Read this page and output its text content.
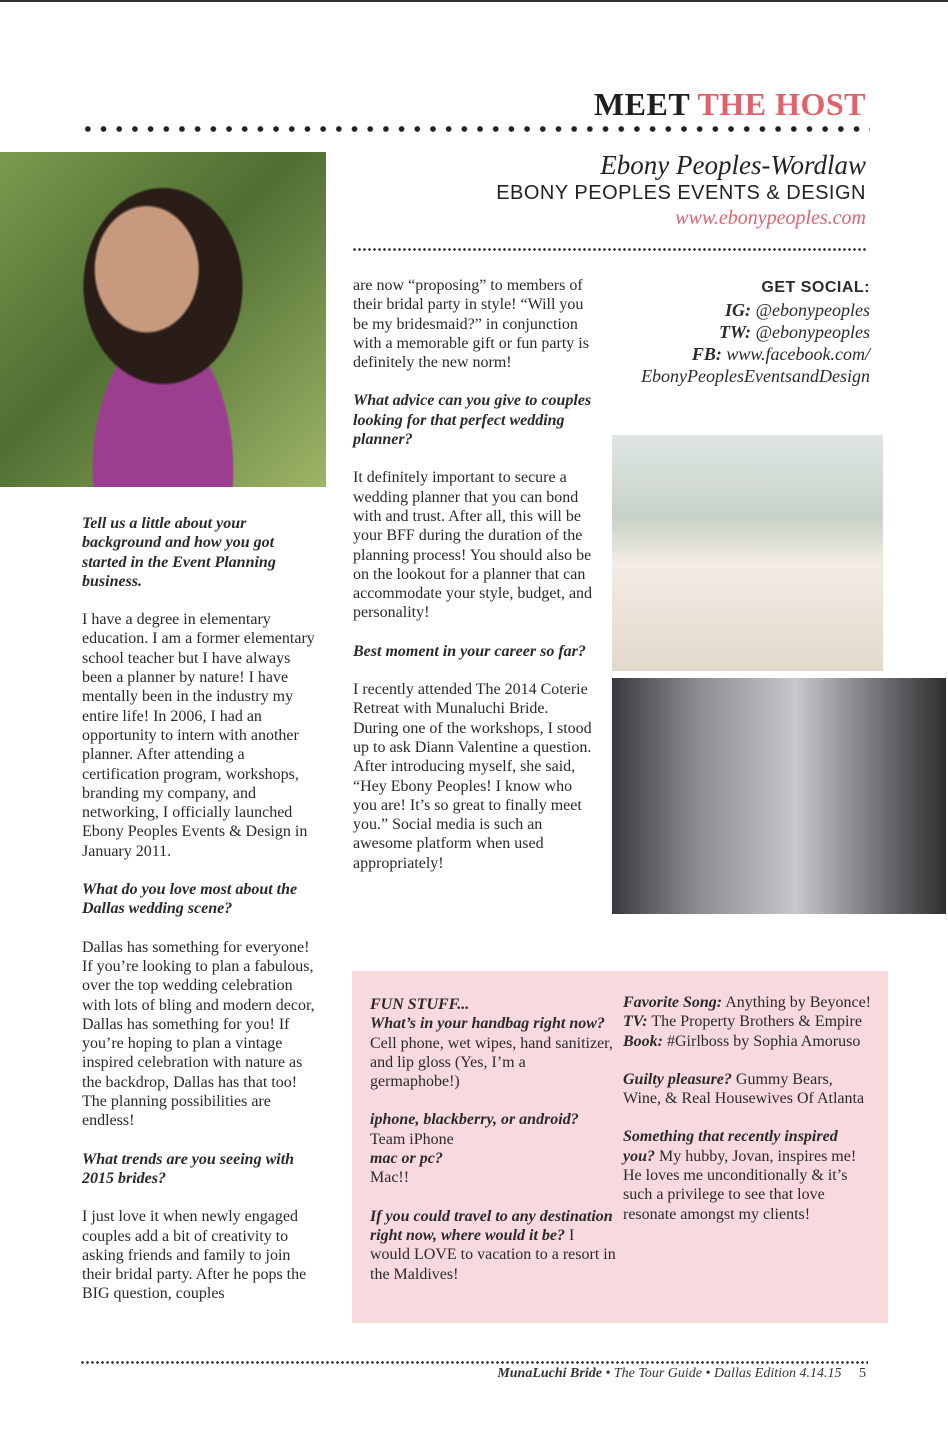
MEET THE HOST
Ebony Peoples-Wordlaw
EBONY PEOPLES EVENTS & DESIGN
www.ebonypeoples.com
GET SOCIAL:
IG: @ebonypeoples
TW: @ebonypeoples
FB: www.facebook.com/
EbonyPeoplesEventsandDesign

Tell us a little about your background and how you got started in the Event Planning business.

I have a degree in elementary education. I am a former elementary school teacher but I have always been a planner by nature! I have mentally been in the industry my entire life! In 2006, I had an opportunity to intern with another planner. After attending a certification program, workshops, branding my company, and networking, I officially launched Ebony Peoples Events & Design in January 2011.

What do you love most about the Dallas wedding scene?

Dallas has something for everyone! If you’re looking to plan a fabulous, over the top wedding celebration with lots of bling and modern decor, Dallas has something for you! If you’re hoping to plan a vintage inspired celebration with nature as the backdrop, Dallas has that too! The planning possibilities are endless!

What trends are you seeing with 2015 brides?

I just love it when newly engaged couples add a bit of creativity to asking friends and family to join their bridal party. After he pops the BIG question, couples

are now “proposing” to members of their bridal party in style! “Will you be my bridesmaid?” in conjunction with a memorable gift or fun party is definitely the new norm!

What advice can you give to couples looking for that perfect wedding planner?

It definitely important to secure a wedding planner that you can bond with and trust. After all, this will be your BFF during the duration of the planning process! You should also be on the lookout for a planner that can accommodate your style, budget, and personality!

Best moment in your career so far?

I recently attended The 2014 Coterie Retreat with Munaluchi Bride. During one of the workshops, I stood up to ask Diann Valentine a question. After introducing myself, she said, “Hey Ebony Peoples! I know who you are! It’s so great to finally meet you.” Social media is such an awesome platform when used appropriately!

FUN STUFF...
What’s in your handbag right now? Cell phone, wet wipes, hand sanitizer, and lip gloss (Yes, I’m a germaphobe!)

iphone, blackberry, or android?
Team iPhone
mac or pc?
Mac!!

If you could travel to any destination right now, where would it be? I would LOVE to vacation to a resort in the Maldives!

Favorite Song: Anything by Beyonce!
TV: The Property Brothers & Empire
Book: #Girlboss by Sophia Amoruso

Guilty pleasure? Gummy Bears, Wine, & Real Housewives Of Atlanta

Something that recently inspired you? My hubby, Jovan, inspires me! He loves me unconditionally & it’s such a privilege to see that love resonate amongst my clients!

MunaLuchi Bride • The Tour Guide • Dallas Edition 4.14.15 5
